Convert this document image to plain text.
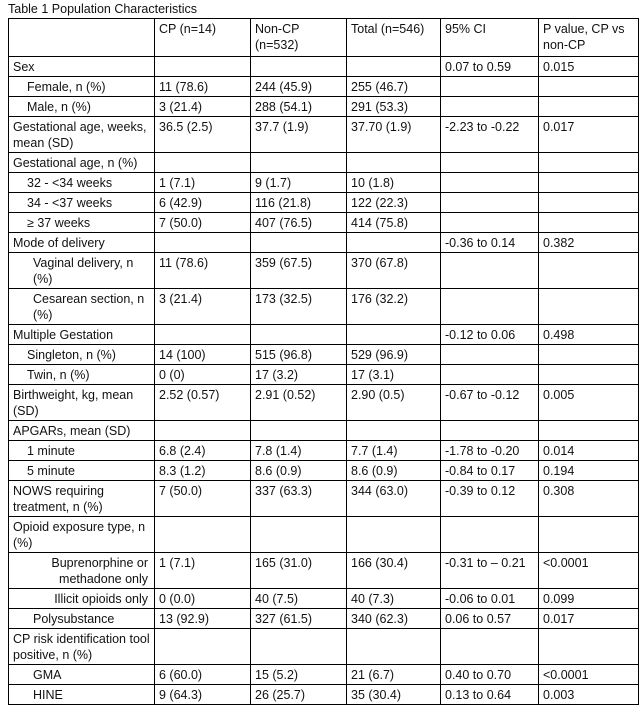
Table 1 Population Characteristics
	CP (n=14)	Non-CP (n=532)	Total (n=546)	95% CI	P value, CP vs non-CP
Sex				0.07 to 0.59	0.015
Female, n (%)	11 (78.6)	244 (45.9)	255 (46.7)		
Male, n (%)	3 (21.4)	288 (54.1)	291 (53.3)		
Gestational age, weeks, mean (SD)	36.5 (2.5)	37.7 (1.9)	37.70 (1.9)	-2.23 to -0.22	0.017
Gestational age, n (%)					
32 - <34 weeks	1 (7.1)	9 (1.7)	10 (1.8)		
34 - <37 weeks	6 (42.9)	116 (21.8)	122 (22.3)		
≥ 37 weeks	7 (50.0)	407 (76.5)	414 (75.8)		
Mode of delivery				-0.36 to 0.14	0.382
Vaginal delivery, n (%)	11 (78.6)	359 (67.5)	370 (67.8)		
Cesarean section, n (%)	3 (21.4)	173 (32.5)	176 (32.2)		
Multiple Gestation				-0.12 to 0.06	0.498
Singleton, n (%)	14 (100)	515 (96.8)	529 (96.9)		
Twin, n (%)	0 (0)	17 (3.2)	17 (3.1)		
Birthweight, kg, mean (SD)	2.52 (0.57)	2.91 (0.52)	2.90 (0.5)	-0.67 to -0.12	0.005
APGARs, mean (SD)					
1 minute	6.8 (2.4)	7.8 (1.4)	7.7 (1.4)	-1.78 to -0.20	0.014
5 minute	8.3 (1.2)	8.6 (0.9)	8.6 (0.9)	-0.84 to 0.17	0.194
NOWS requiring treatment, n (%)	7 (50.0)	337 (63.3)	344 (63.0)	-0.39 to 0.12	0.308
Opioid exposure type, n (%)					
Buprenorphine or methadone only	1 (7.1)	165 (31.0)	166 (30.4)	-0.31 to – 0.21	<0.0001
Illicit opioids only	0 (0.0)	40 (7.5)	40 (7.3)	-0.06 to 0.01	0.099
Polysubstance	13 (92.9)	327 (61.5)	340 (62.3)	0.06 to 0.57	0.017
CP risk identification tool positive, n (%)					
GMA	6 (60.0)	15 (5.2)	21 (6.7)	0.40 to 0.70	<0.0001
HINE	9 (64.3)	26 (25.7)	35 (30.4)	0.13 to 0.64	0.003
